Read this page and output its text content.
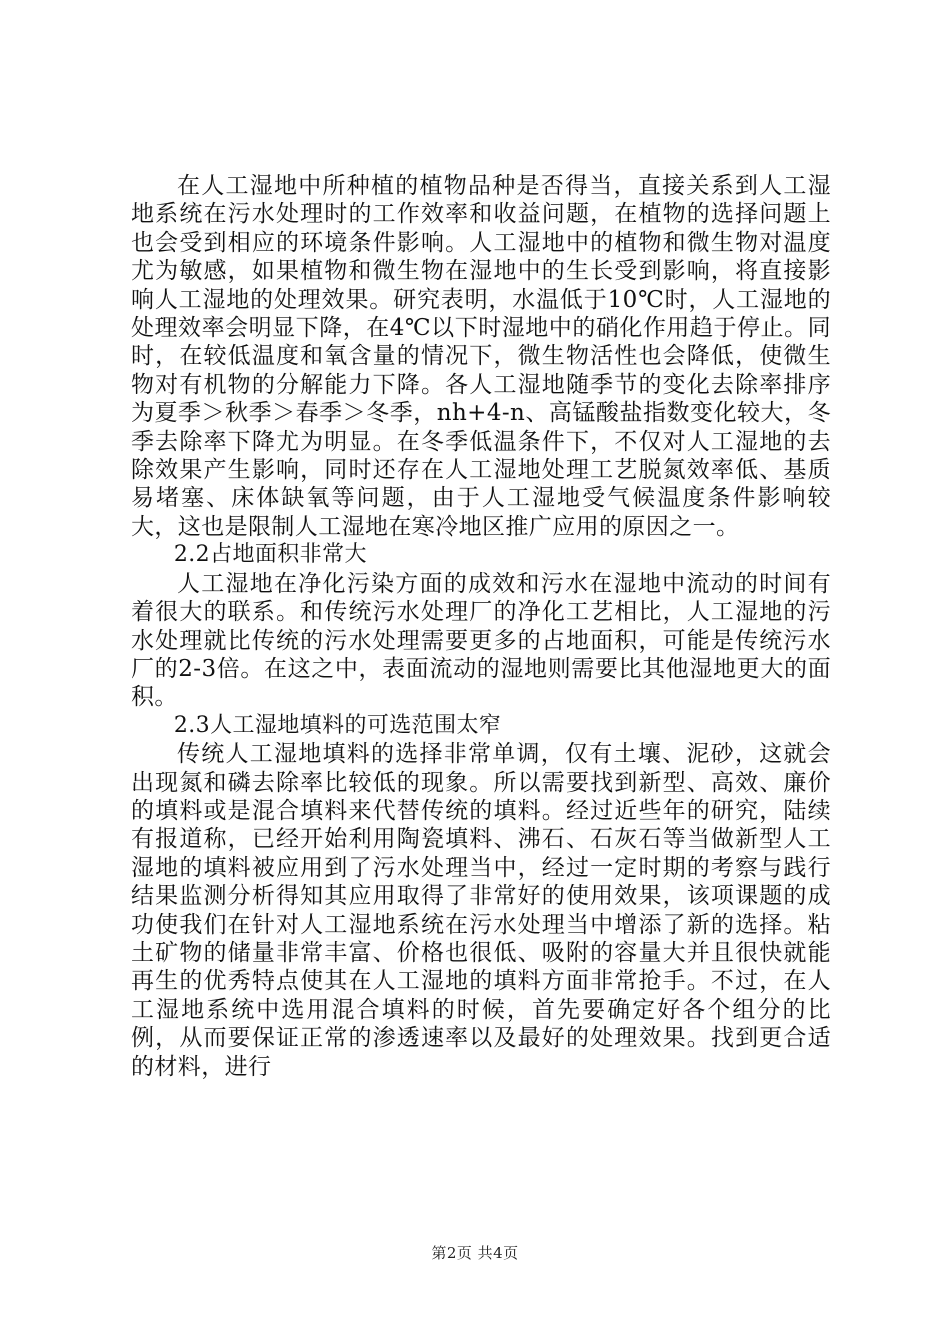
在人工湿地中所种植的植物品种是否得当，直接关系到人工湿地系统在污水处理时的工作效率和收益问题，在植物的选择问题上也会受到相应的环境条件影响。人工湿地中的植物和微生物对温度尤为敏感，如果植物和微生物在湿地中的生长受到影响，将直接影响人工湿地的处理效果。研究表明，水温低于10℃时，人工湿地的处理效率会明显下降，在4℃以下时湿地中的硝化作用趋于停止。同时，在较低温度和氧含量的情况下，微生物活性也会降低，使微生物对有机物的分解能力下降。各人工湿地随季节的变化去除率排序为夏季＞秋季＞春季＞冬季，nh+4-n、高锰酸盐指数变化较大，冬季去除率下降尤为明显。在冬季低温条件下，不仅对人工湿地的去除效果产生影响，同时还存在人工湿地处理工艺脱氮效率低、基质易堵塞、床体缺氧等问题，由于人工湿地受气候温度条件影响较大，这也是限制人工湿地在寒冷地区推广应用的原因之一。

2.2占地面积非常大

人工湿地在净化污染方面的成效和污水在湿地中流动的时间有着很大的联系。和传统污水处理厂的净化工艺相比，人工湿地的污水处理就比传统的污水处理需要更多的占地面积，可能是传统污水厂的2-3倍。在这之中，表面流动的湿地则需要比其他湿地更大的面积。

2.3人工湿地填料的可选范围太窄

传统人工湿地填料的选择非常单调，仅有土壤、泥砂，这就会出现氮和磷去除率比较低的现象。所以需要找到新型、高效、廉价的填料或是混合填料来代替传统的填料。经过近些年的研究，陆续有报道称，已经开始利用陶瓷填料、沸石、石灰石等当做新型人工湿地的填料被应用到了污水处理当中，经过一定时期的考察与践行结果监测分析得知其应用取得了非常好的使用效果，该项课题的成功使我们在针对人工湿地系统在污水处理当中增添了新的选择。粘土矿物的储量非常丰富、价格也很低、吸附的容量大并且很快就能再生的优秀特点使其在人工湿地的填料方面非常抢手。不过，在人工湿地系统中选用混合填料的时候，首先要确定好各个组分的比例，从而要保证正常的渗透速率以及最好的处理效果。找到更合适的材料，进行

第2页 共4页
